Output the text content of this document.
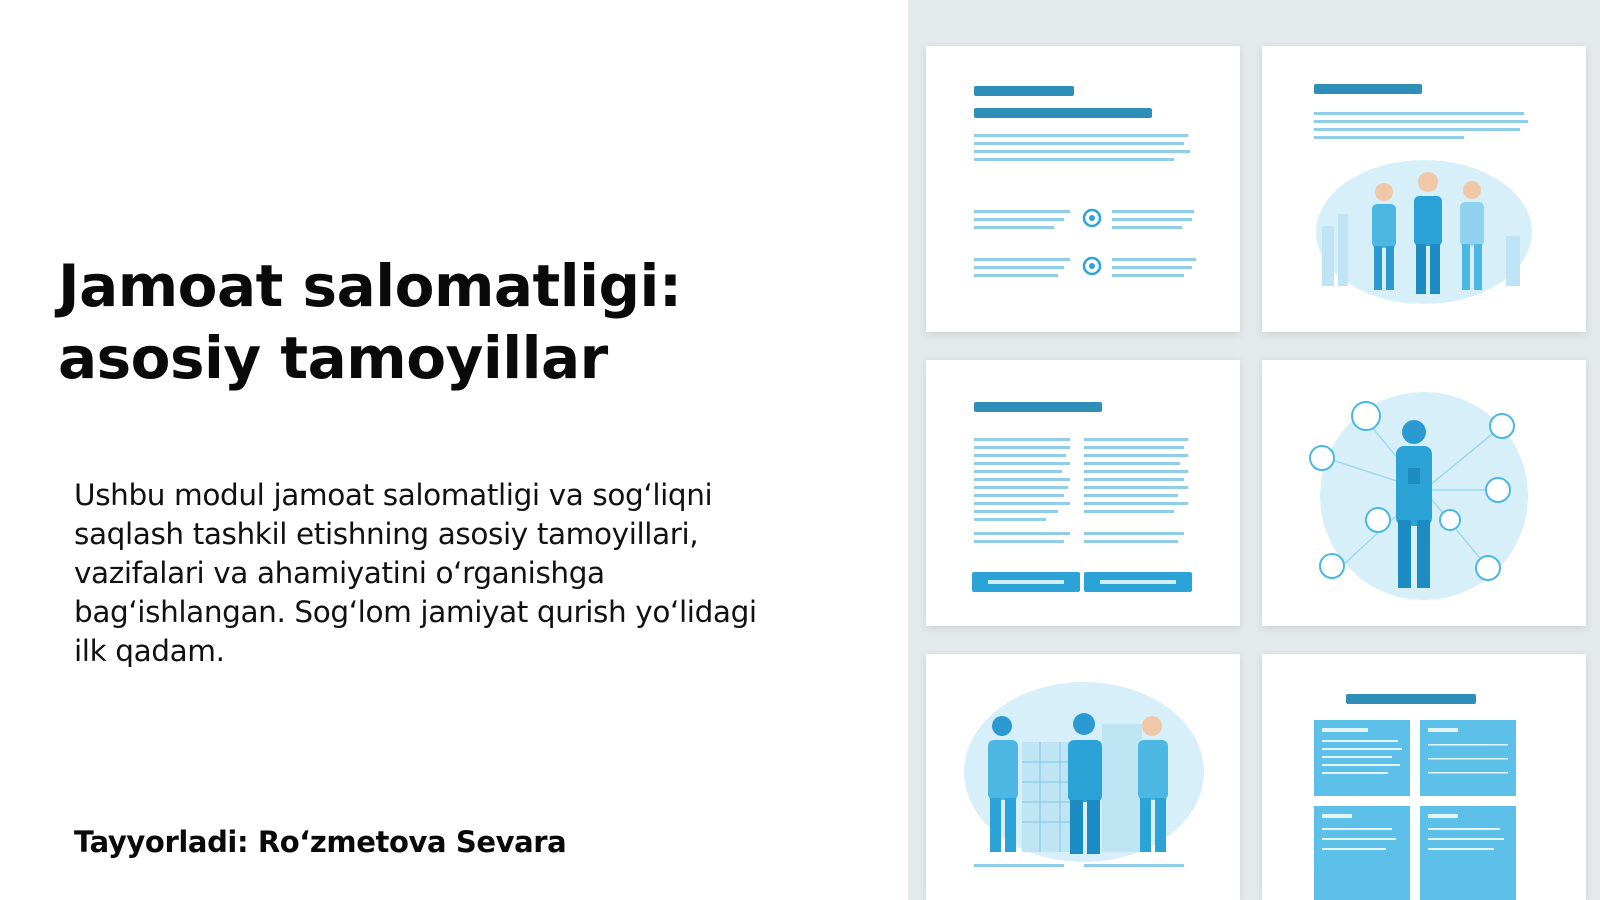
Jamoat salomatligi: asosiy tamoyillar

Ushbu modul jamoat salomatligi va sog‘liqni saqlash tashkil etishning asosiy tamoyillari, vazifalari va ahamiyatini o‘rganishga bag‘ishlangan. Sog‘lom jamiyat qurish yo‘lidagi ilk qadam.

Tayyorladi: Ro‘zmetova Sevara
